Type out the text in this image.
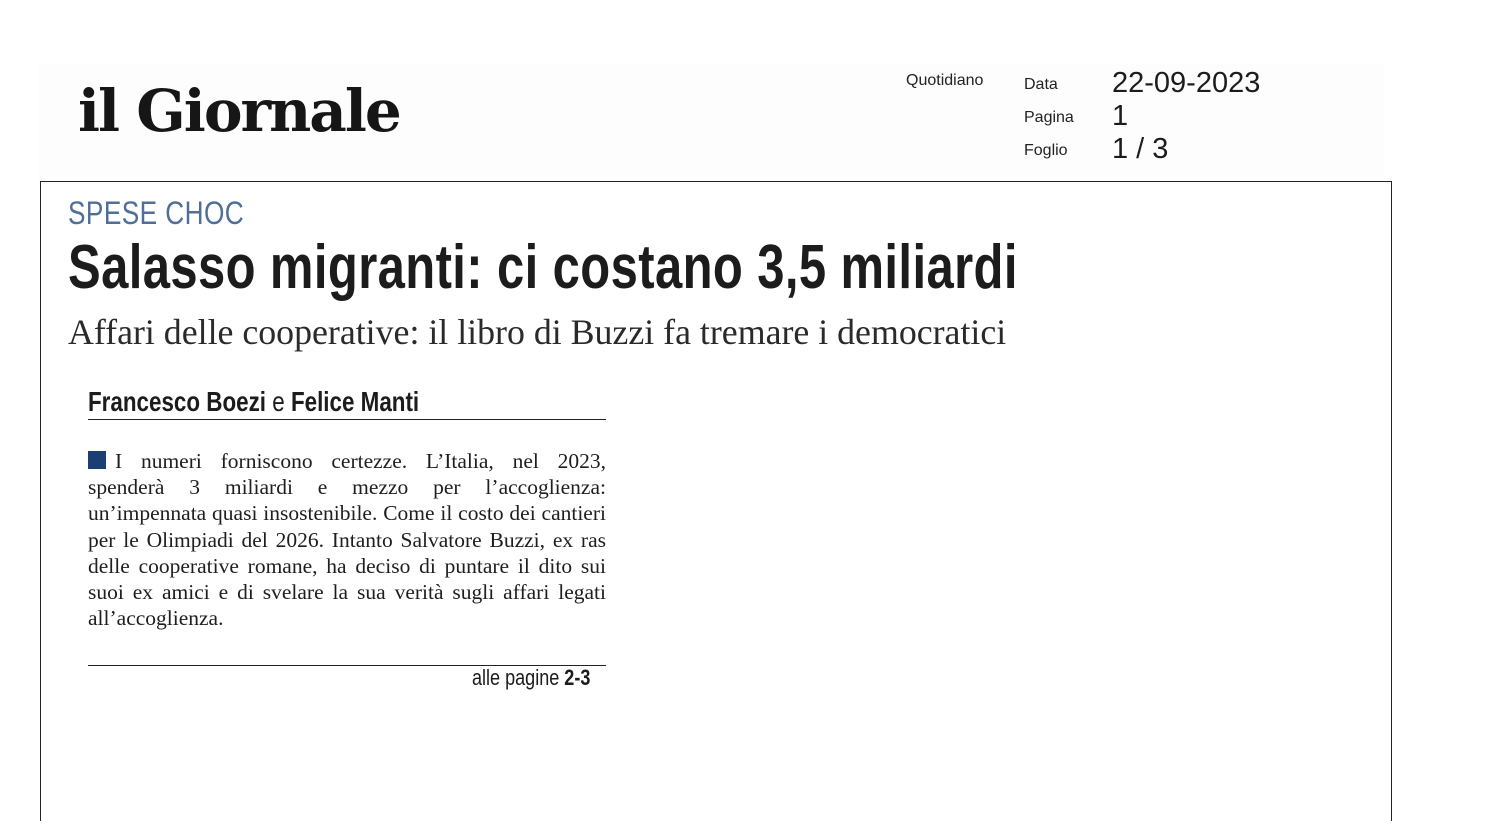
il Giornale	Quotidiano	Data 22-09-2023
Pagina 1
Foglio 1 / 3
SPESE CHOC
Salasso migranti: ci costano 3,5 miliardi
Affari delle cooperative: il libro di Buzzi fa tremare i democratici
Francesco Boezi e Felice Manti
I numeri forniscono certezze. L’Italia, nel 2023, spenderà 3 miliardi e mezzo per l’accoglienza: un’impennata quasi insostenibile. Come il costo dei cantieri per le Olimpiadi del 2026. Intanto Salvatore Buzzi, ex ras delle cooperative romane, ha deciso di puntare il dito sui suoi ex amici e di svelare la sua verità sugli affari legati all’accoglienza.
alle pagine 2-3
